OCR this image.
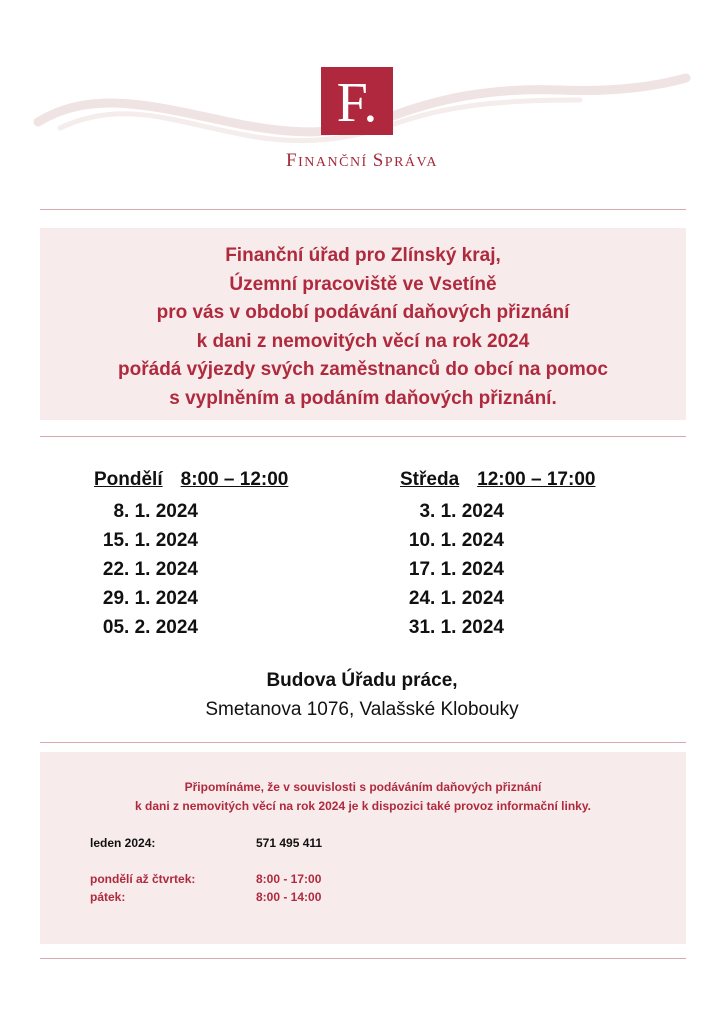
F.
FINANČNÍ SPRÁVA
Finanční úřad pro Zlínský kraj,
Územní pracoviště ve Vsetíně
pro vás v období podávání daňových přiznání
k dani z nemovitých věcí na rok 2024
pořádá výjezdy svých zaměstnanců do obcí na pomoc
s vyplněním a podáním daňových přiznání.
Pondělí 8:00 – 12:00
8. 1. 2024
15. 1. 2024
22. 1. 2024
29. 1. 2024
05. 2. 2024
Středa 12:00 – 17:00
3. 1. 2024
10. 1. 2024
17. 1. 2024
24. 1. 2024
31. 1. 2024
Budova Úřadu práce,
Smetanova 1076, Valašské Klobouky
Připomínáme, že v souvislosti s podáváním daňových přiznání
k dani z nemovitých věcí na rok 2024 je k dispozici také provoz informační linky.
leden 2024:	571 495 411
pondělí až čtvrtek:	8:00 - 17:00
pátek:	8:00 - 14:00
